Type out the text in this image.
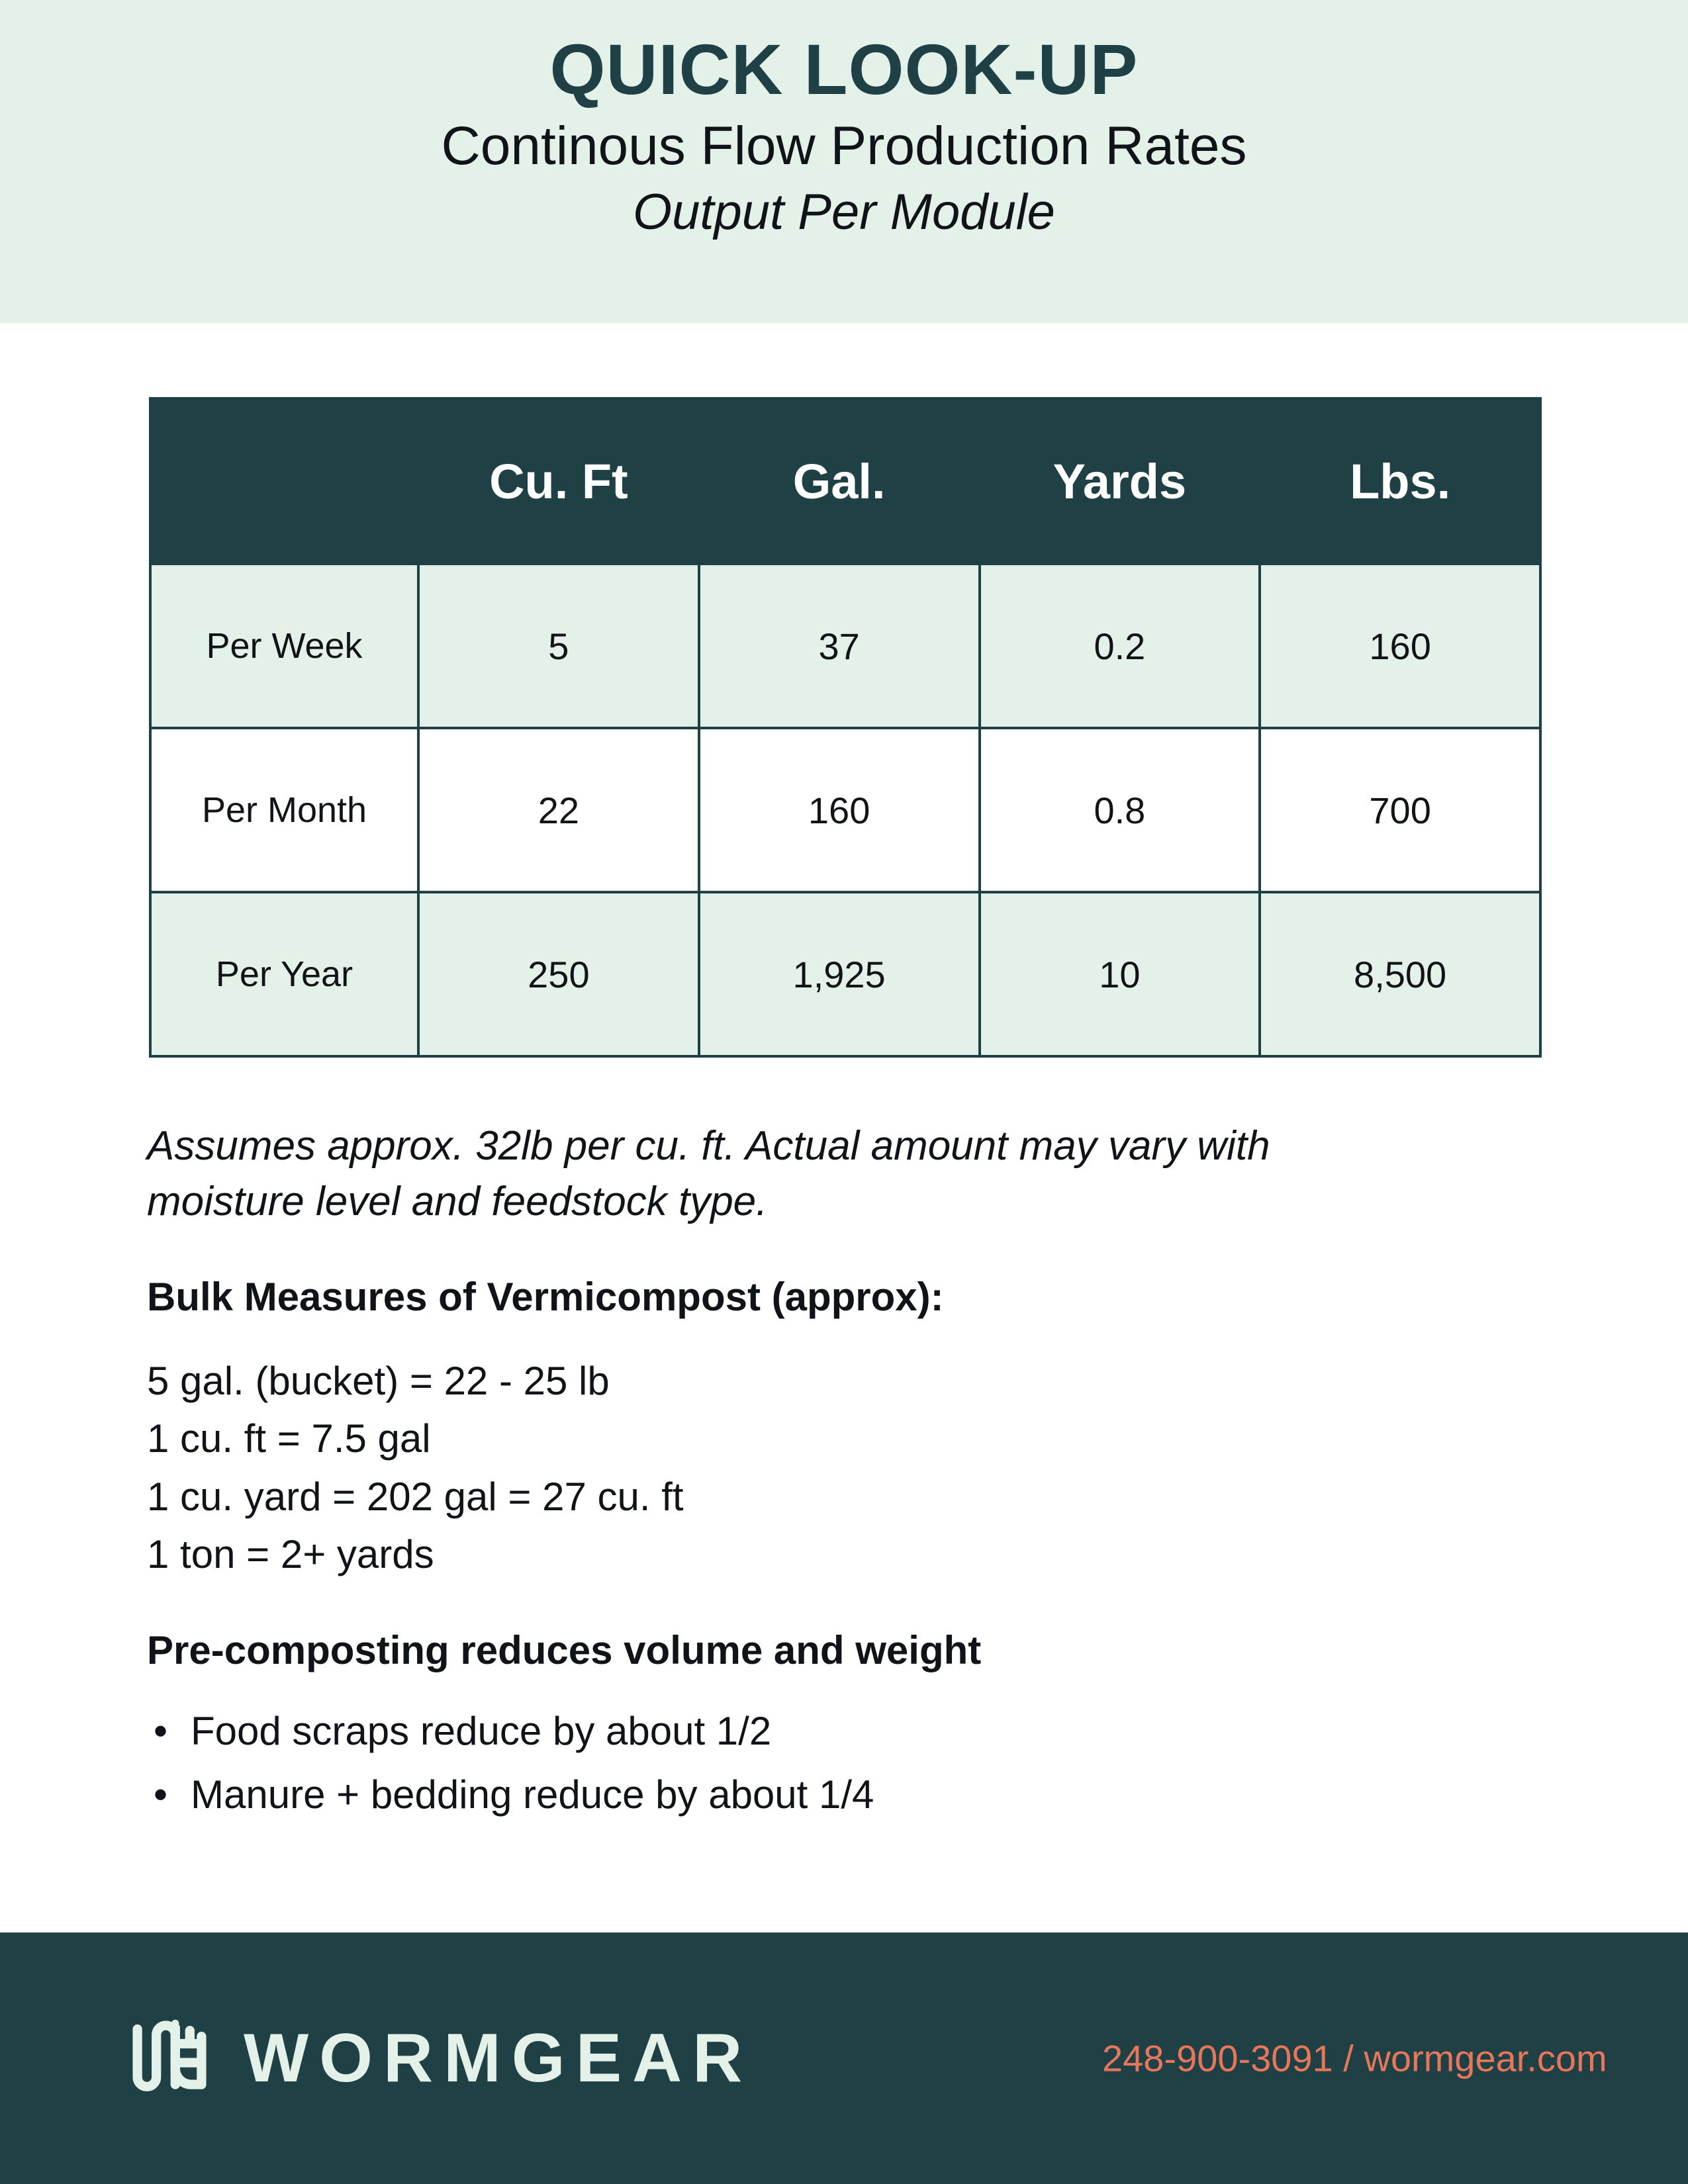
QUICK LOOK-UP
Continous Flow Production Rates
Output Per Module
	Cu. Ft	Gal.	Yards	Lbs.
Per Week	5	37	0.2	160
Per Month	22	160	0.8	700
Per Year	250	1,925	10	8,500
Assumes approx. 32lb per cu. ft. Actual amount may vary with moisture level and feedstock type.
Bulk Measures of Vermicompost (approx):
5 gal. (bucket) = 22 - 25 lb
1 cu. ft = 7.5 gal
1 cu. yard = 202 gal = 27 cu. ft
1 ton = 2+ yards
Pre-composting reduces volume and weight
• Food scraps reduce by about 1/2
• Manure + bedding reduce by about 1/4
WORMGEAR	248-900-3091 / wormgear.com
